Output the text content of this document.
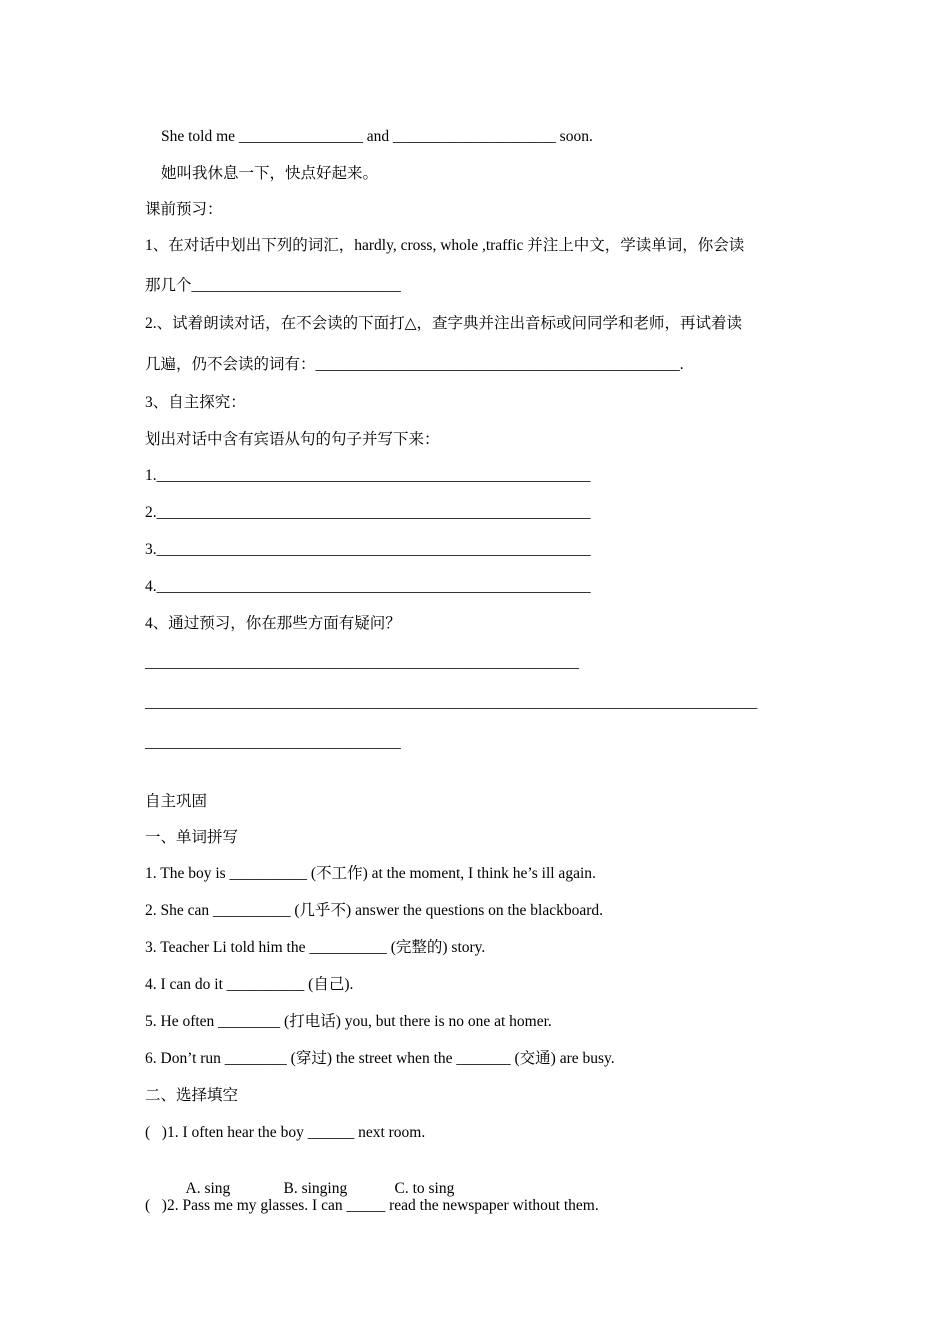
She told me ________________ and _____________________ soon.
她叫我休息一下，快点好起来。
课前预习：
1、在对话中划出下列的词汇，hardly, cross, whole ,traffic 并注上中文，学读单词，你会读
那几个___________________________
2.、试着朗读对话，在不会读的下面打△，查字典并注出音标或问同学和老师，再试着读
几遍，仍不会读的词有：_______________________________________________.
3、自主探究：
划出对话中含有宾语从句的句子并写下来：
1.________________________________________________________
2.________________________________________________________
3.________________________________________________________
4.________________________________________________________
4、通过预习，你在那些方面有疑问？
________________________________________________________
_______________________________________________________________________________
_________________________________
自主巩固
一、单词拼写
1. The boy is __________ (不工作) at the moment, I think he’s ill again.
2. She can __________ (几乎不) answer the questions on the blackboard.
3. Teacher Li told him the __________ (完整的) story.
4. I can do it __________ (自己).
5. He often ________ (打电话) you, but there is no one at homer.
6. Don’t run ________ (穿过) the street when the _______ (交通) are busy.
二、选择填空
(   )1. I often hear the boy ______ next room.

A. sing	B. singing	C. to sing

(   )2. Pass me my glasses. I can _____ read the newspaper without them.
